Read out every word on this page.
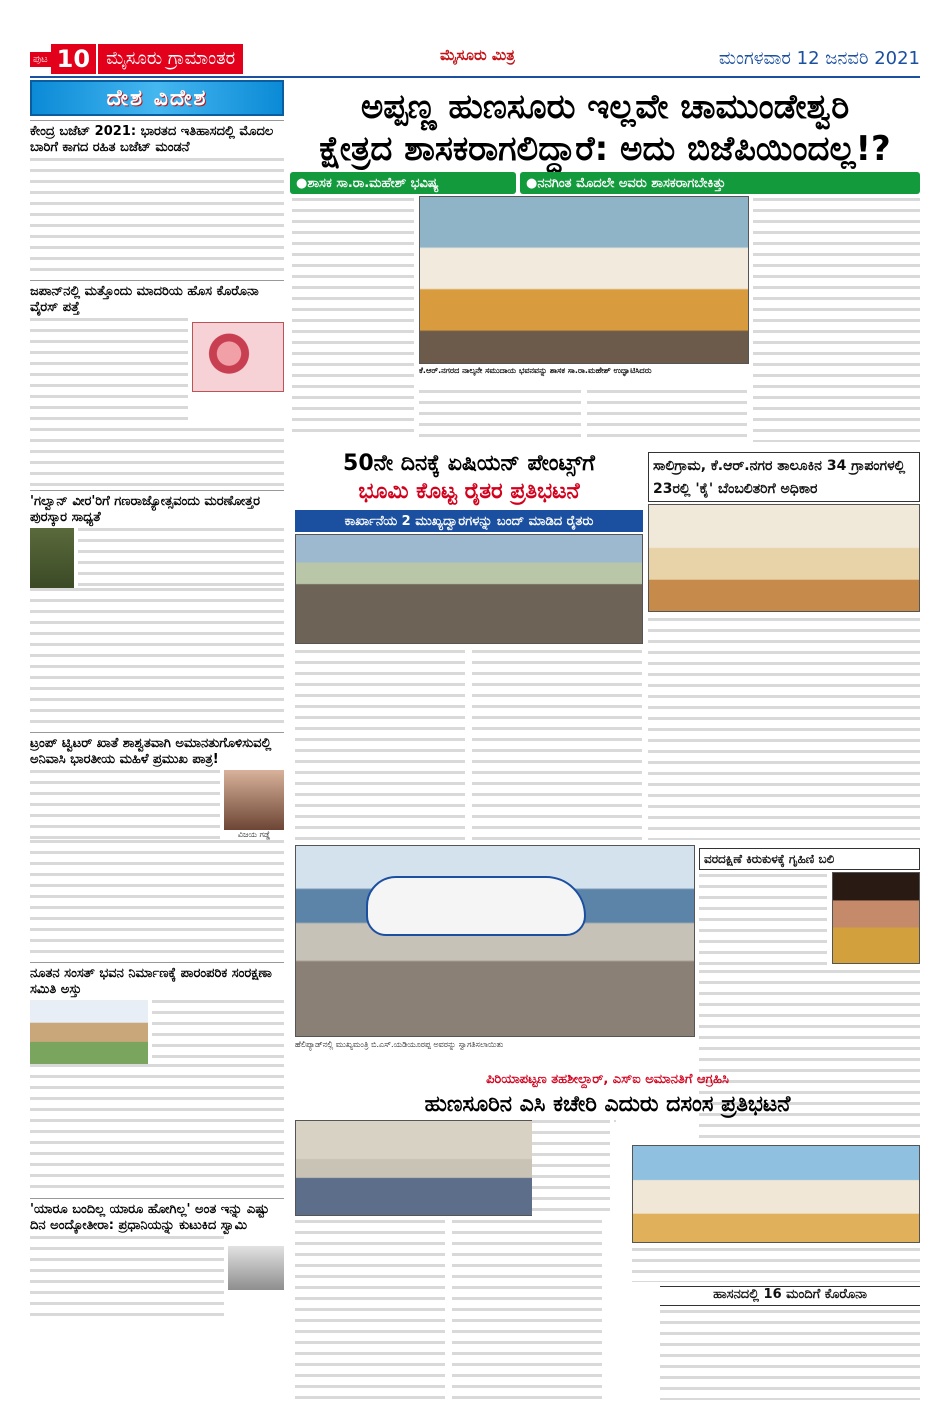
ಪುಟ 10 ಮೈಸೂರು ಗ್ರಾಮಾಂತರ	ಮೈಸೂರು ಮಿತ್ರ	ಮಂಗಳವಾರ 12 ಜನವರಿ 2021
ದೇಶ ವಿದೇಶ
ಕೇಂದ್ರ ಬಜೆಟ್ 2021: ಭಾರತದ ಇತಿಹಾಸದಲ್ಲಿ ಮೊದಲ ಬಾರಿಗೆ ಕಾಗದ ರಹಿತ ಬಜೆಟ್ ಮಂಡನೆ
ಜಪಾನ್‌ನಲ್ಲಿ ಮತ್ತೊಂದು ಮಾದರಿಯ ಹೊಸ ಕೊರೊನಾ ವೈರಸ್ ಪತ್ತೆ
'ಗಲ್ವಾನ್ ವೀರ'ರಿಗೆ ಗಣರಾಜ್ಯೋತ್ಸವಂದು ಮರಣೋತ್ತರ ಪುರಸ್ಕಾರ ಸಾಧ್ಯತೆ
ಟ್ರಂಪ್ ಟ್ವಿಟರ್ ಖಾತೆ ಶಾಶ್ವತವಾಗಿ ಅಮಾನತುಗೊಳಿಸುವಲ್ಲಿ ಅನಿವಾಸಿ ಭಾರತೀಯ ಮಹಿಳೆ ಪ್ರಮುಖ ಪಾತ್ರ!
ವಿಜಯ ಗಡ್ಡೆ
ನೂತನ ಸಂಸತ್ ಭವನ ನಿರ್ಮಾಣಕ್ಕೆ ಪಾರಂಪರಿಕ ಸಂರಕ್ಷಣಾ ಸಮಿತಿ ಅಸ್ತು
'ಯಾರೂ ಬಂದಿಲ್ಲ ಯಾರೂ ಹೋಗಿಲ್ಲ' ಅಂತ ಇನ್ನು ಎಷ್ಟು ದಿನ ಅಂದ್ಕೋತೀರಾ: ಪ್ರಧಾನಿಯನ್ನು ಕುಟುಕಿದ ಸ್ವಾಮಿ
ಅಪ್ಪಣ್ಣ ಹುಣಸೂರು ಇಲ್ಲವೇ ಚಾಮುಂಡೇಶ್ವರಿ
ಕ್ಷೇತ್ರದ ಶಾಸಕರಾಗಲಿದ್ದಾರೆ: ಅದು ಬಿಜೆಪಿಯಿಂದಲ್ಲ!?
●ಶಾಸಕ ಸಾ.ರಾ.ಮಹೇಶ್ ಭವಿಷ್ಯ	●ನನಗಿಂತ ಮೊದಲೇ ಅವರು ಶಾಸಕರಾಗಬೇಕಿತ್ತು
ಕೆ.ಆರ್.ನಗರದ ನಾಲ್ಕನೇ ಸಮುದಾಯ ಭವನವನ್ನು ಶಾಸಕ ಸಾ.ರಾ.ಮಹೇಶ್ ಉದ್ಘಾಟಿಸಿದರು
50ನೇ ದಿನಕ್ಕೆ ಏಷಿಯನ್ ಪೇಂಟ್ಸ್‌ಗೆ
ಭೂಮಿ ಕೊಟ್ಟ ರೈತರ ಪ್ರತಿಭಟನೆ
ಕಾರ್ಖಾನೆಯ 2 ಮುಖ್ಯದ್ವಾರಗಳನ್ನು ಬಂದ್ ಮಾಡಿದ ರೈತರು
ಸಾಲಿಗ್ರಾಮ, ಕೆ.ಆರ್.ನಗರ ತಾಲೂಕಿನ 34 ಗ್ರಾಪಂಗಳಲ್ಲಿ 23ರಲ್ಲಿ 'ಕೈ' ಬೆಂಬಲಿತರಿಗೆ ಅಧಿಕಾರ
ಹೆಲಿಪ್ಯಾಡ್‌ನಲ್ಲಿ ಮುಖ್ಯಮಂತ್ರಿ ಬಿ.ಎಸ್.ಯಡಿಯೂರಪ್ಪ ಅವರನ್ನು ಸ್ವಾಗತಿಸಲಾಯಿತು
ವರದಕ್ಷಿಣೆ ಕಿರುಕುಳಕ್ಕೆ ಗೃಹಿಣಿ ಬಲಿ
ಪಿರಿಯಾಪಟ್ಟಣ ತಹಶೀಲ್ದಾರ್, ಎಸ್‌ಐ ಅಮಾನತಿಗೆ ಆಗ್ರಹಿಸಿ
ಹುಣಸೂರಿನ ಎಸಿ ಕಚೇರಿ ಎದುರು ದಸಂಸ ಪ್ರತಿಭಟನೆ
ಹಾಸನದಲ್ಲಿ 16 ಮಂದಿಗೆ ಕೊರೊನಾ
